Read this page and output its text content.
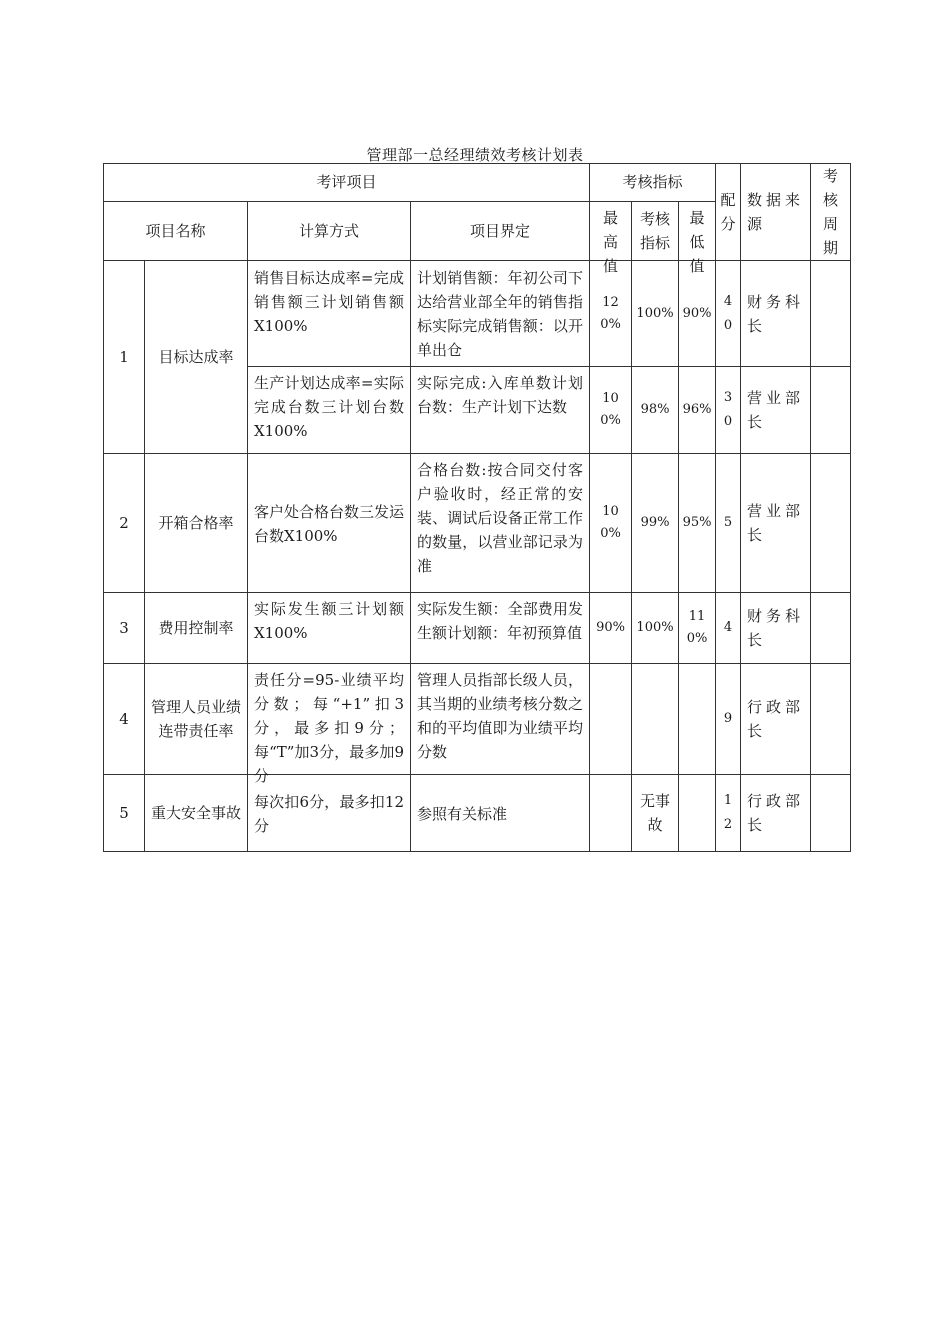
管理部一总经理绩效考核计划表
考评项目				考核指标			配分	数据来源	考核周期

项目名称		计算方式	项目界定	最高值	考核指标	最低值			

1	目标达成率	销售目标达成率=完成销售额三计划销售额X100%	计划销售额：年初公司下达给营业部全年的销售指标实际完成销售额：以开单出仓	120%	100%	90%	40	财务科长	

		生产计划达成率=实际完成台数三计划台数X100%	实际完成:入库单数计划台数：生产计划下达数	100%	98%	96%	30	营业部长	

2	开箱合格率	客户处合格台数三发运台数X100%	合格台数:按合同交付客户验收时，经正常的安装、调试后设备正常工作的数量，以营业部记录为准	100%	99%	95%	5	营业部长	

3	费用控制率	实际发生额三计划额X100%	实际发生额：全部费用发生额计划额：年初预算值	90%	100%	110%	4	财务科长	

4	管理人员业绩连带责任率	责任分=95-业绩平均分数；每“+1”扣3分，最多扣9分；每“T”加3分，最多加9分	管理人员指部长级人员，其当期的业绩考核分数之和的平均值即为业绩平均分数				9	行政部长	

5	重大安全事故	每次扣6分，最多扣12分	参照有关标准		无事故		12	行政部长	
